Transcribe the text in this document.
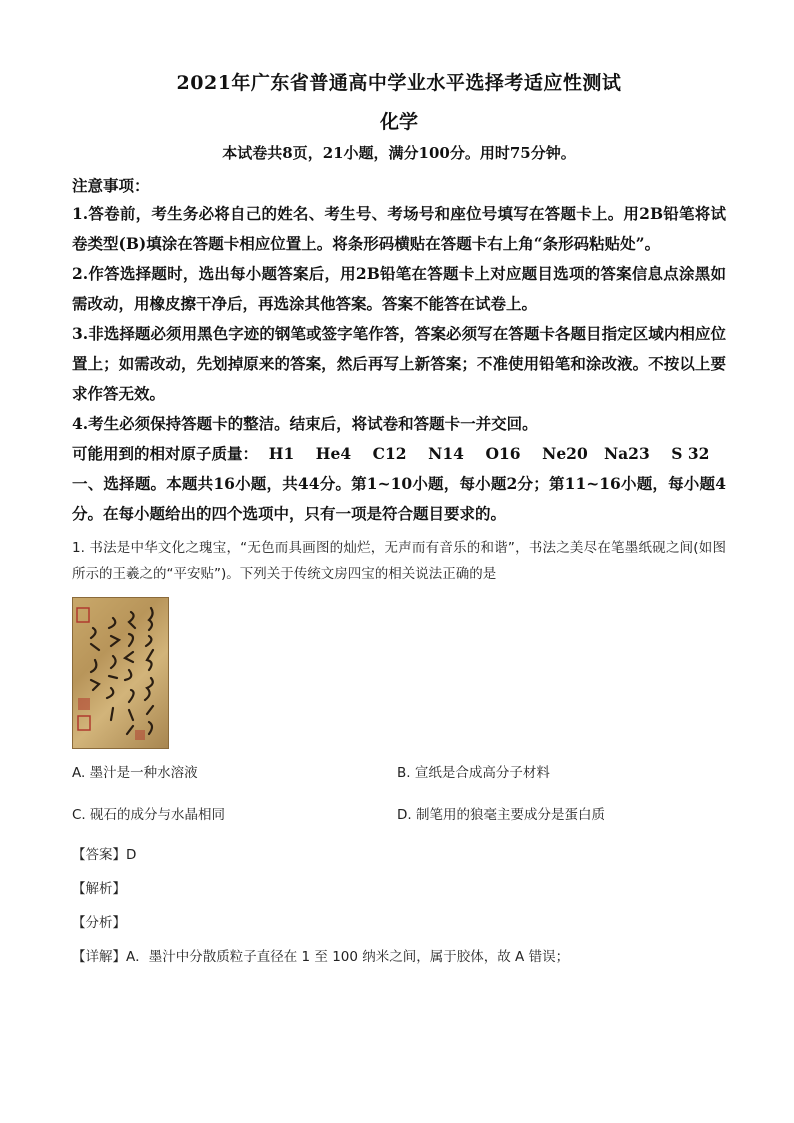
2021年广东省普通高中学业水平选择考适应性测试
化学
本试卷共8页，21小题，满分100分。用时75分钟。
注意事项：

1.答卷前，考生务必将自己的姓名、考生号、考场号和座位号填写在答题卡上。用2B铅笔将试卷类型(B)填涂在答题卡相应位置上。将条形码横贴在答题卡右上角“条形码粘贴处”。

2.作答选择题时，选出每小题答案后，用2B铅笔在答题卡上对应题目选项的答案信息点涂黑如需改动，用橡皮擦干净后，再选涂其他答案。答案不能答在试卷上。

3.非选择题必须用黑色字迹的钢笔或签字笔作答，答案必须写在答题卡各题目指定区域内相应位置上；如需改动，先划掉原来的答案，然后再写上新答案；不准使用铅笔和涂改液。不按以上要求作答无效。

4.考生必须保持答题卡的整洁。结束后，将试卷和答题卡一并交回。

可能用到的相对原子质量：  H1    He4    C12    N14    O16    Ne20   Na23    S 32

一、选择题。本题共16小题，共44分。第1~10小题，每小题2分；第11~16小题，每小题4分。在每小题给出的四个选项中，只有一项是符合题目要求的。

1. 书法是中华文化之瑰宝，“无色而具画图的灿烂，无声而有音乐的和谐”，书法之美尽在笔墨纸砚之间(如图所示的王羲之的“平安贴”)。下列关于传统文房四宝的相关说法正确的是
A. 墨汁是一种水溶液	B. 宣纸是合成高分子材料
C. 砚石的成分与水晶相同	D. 制笔用的狼毫主要成分是蛋白质
【答案】D
【解析】
【分析】
【详解】A．墨汁中分散质粒子直径在 1 至 100 纳米之间，属于胶体，故 A 错误；
